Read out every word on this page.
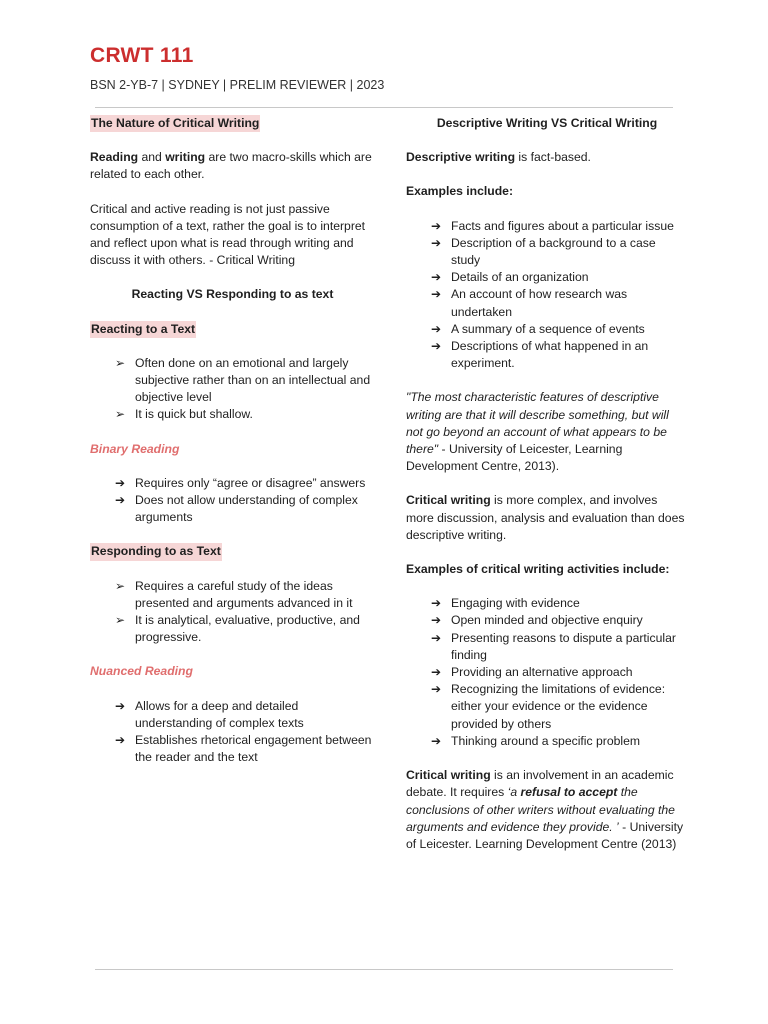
CRWT 111
BSN 2-YB-7 | SYDNEY | PRELIM REVIEWER | 2023
The Nature of Critical Writing
Reading and writing are two macro-skills which are related to each other.
Critical and active reading is not just passive consumption of a text, rather the goal is to interpret and reflect upon what is read through writing and discuss it with others. - Critical Writing
Reacting VS Responding to as text
Reacting to a Text
➢ Often done on an emotional and largely subjective rather than on an intellectual and objective level
➢ It is quick but shallow.
Binary Reading
➔ Requires only “agree or disagree” answers
➔ Does not allow understanding of complex arguments
Responding to as Text
➢ Requires a careful study of the ideas presented and arguments advanced in it
➢ It is analytical, evaluative, productive, and progressive.
Nuanced Reading
➔ Allows for a deep and detailed understanding of complex texts
➔ Establishes rhetorical engagement between the reader and the text
Descriptive Writing VS Critical Writing
Descriptive writing is fact-based.
Examples include:
➔ Facts and figures about a particular issue
➔ Description of a background to a case study
➔ Details of an organization
➔ An account of how research was undertaken
➔ A summary of a sequence of events
➔ Descriptions of what happened in an experiment.
"The most characteristic features of descriptive writing are that it will describe something, but will not go beyond an account of what appears to be there" - University of Leicester, Learning Development Centre, 2013).
Critical writing is more complex, and involves more discussion, analysis and evaluation than does descriptive writing.
Examples of critical writing activities include:
➔ Engaging with evidence
➔ Open minded and objective enquiry
➔ Presenting reasons to dispute a particular finding
➔ Providing an alternative approach
➔ Recognizing the limitations of evidence: either your evidence or the evidence provided by others
➔ Thinking around a specific problem
Critical writing is an involvement in an academic debate. It requires ‘a refusal to accept the conclusions of other writers without evaluating the arguments and evidence they provide. ’ - University of Leicester. Learning Development Centre (2013)
